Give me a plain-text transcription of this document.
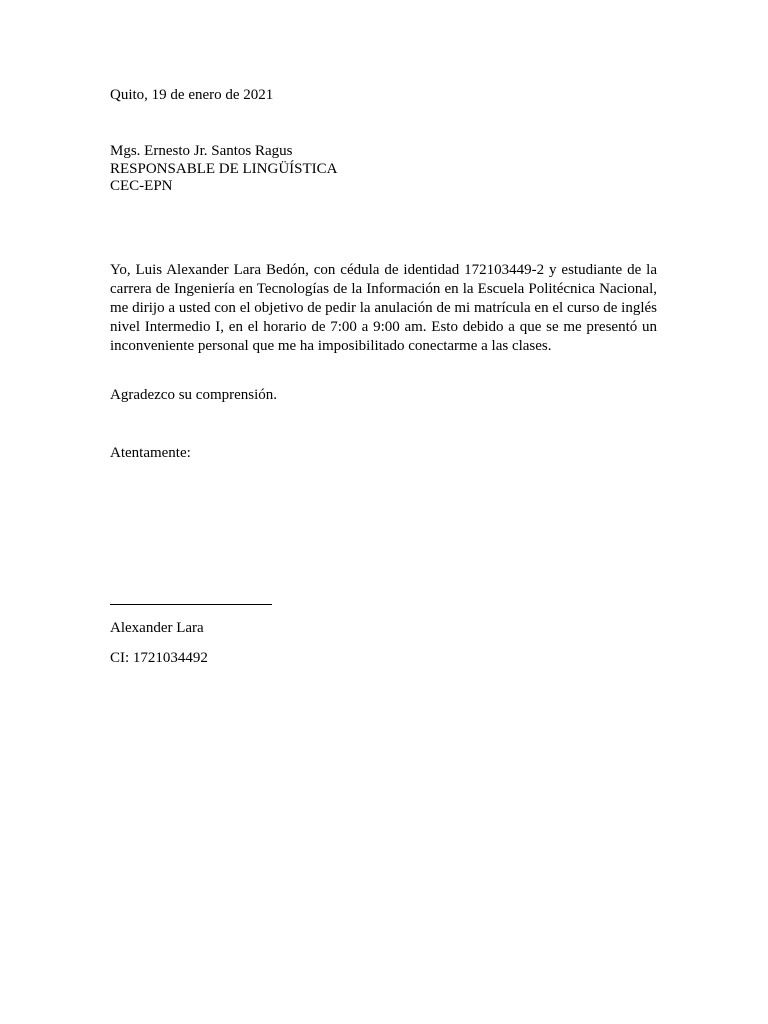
Quito, 19 de enero de 2021
Mgs. Ernesto Jr. Santos Ragus
RESPONSABLE DE LINGÜÍSTICA
CEC-EPN
Yo, Luis Alexander Lara Bedón, con cédula de identidad 172103449-2 y estudiante de la carrera de Ingeniería en Tecnologías de la Información en la Escuela Politécnica Nacional, me dirijo a usted con el objetivo de pedir la anulación de mi matrícula en el curso de inglés nivel Intermedio I, en el horario de 7:00 a 9:00 am. Esto debido a que se me presentó un inconveniente personal que me ha imposibilitado conectarme a las clases.
Agradezco su comprensión.
Atentamente:
Alexander Lara
CI: 1721034492
